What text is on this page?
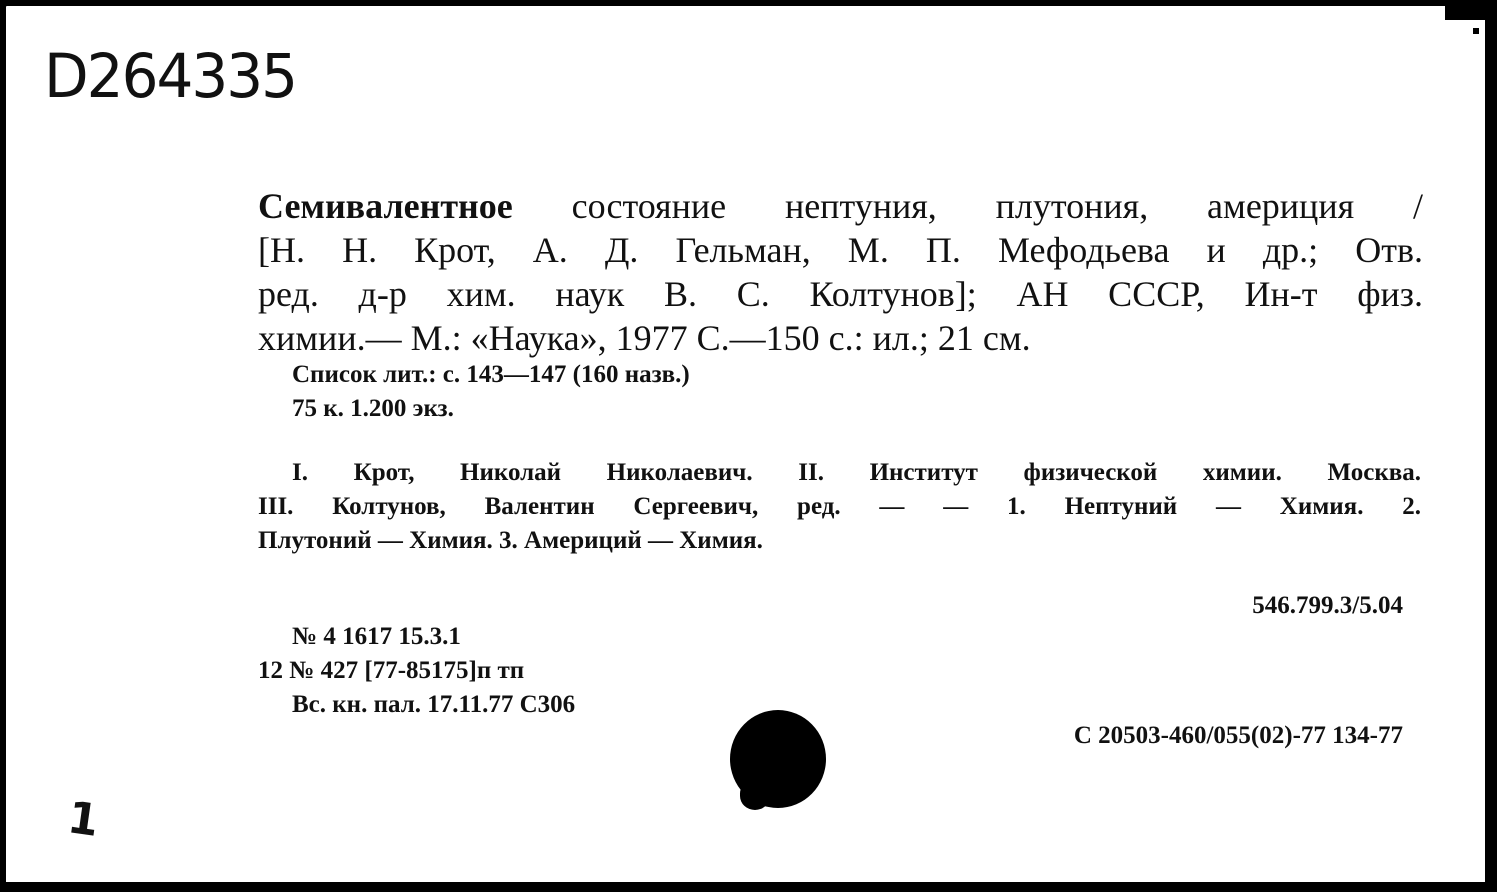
D264335
Семивалентное состояние нептуния, плутония, америция /
[Н. Н. Крот, А. Д. Гельман, М. П. Мефодьева и др.; Отв.
ред. д-р хим. наук В. С. Колтунов]; АН СССР, Ин-т физ.
химии.— М.: «Наука», 1977 С.—150 с.: ил.; 21 см.
Список лит.: с. 143—147 (160 назв.)
75 к. 1.200 экз.
I. Крот, Николай Николаевич. II. Институт физической химии. Москва.
III. Колтунов, Валентин Сергеевич, ред. — — 1. Нептуний — Химия. 2.
Плутоний — Химия. 3. Америций — Химия.
546.799.3/5.04
№ 4 1617 15.3.1
12 № 427 [77-85175]п тп
Вс. кн. пал. 17.11.77 С306
С 20503-460/055(02)-77 134-77
1
